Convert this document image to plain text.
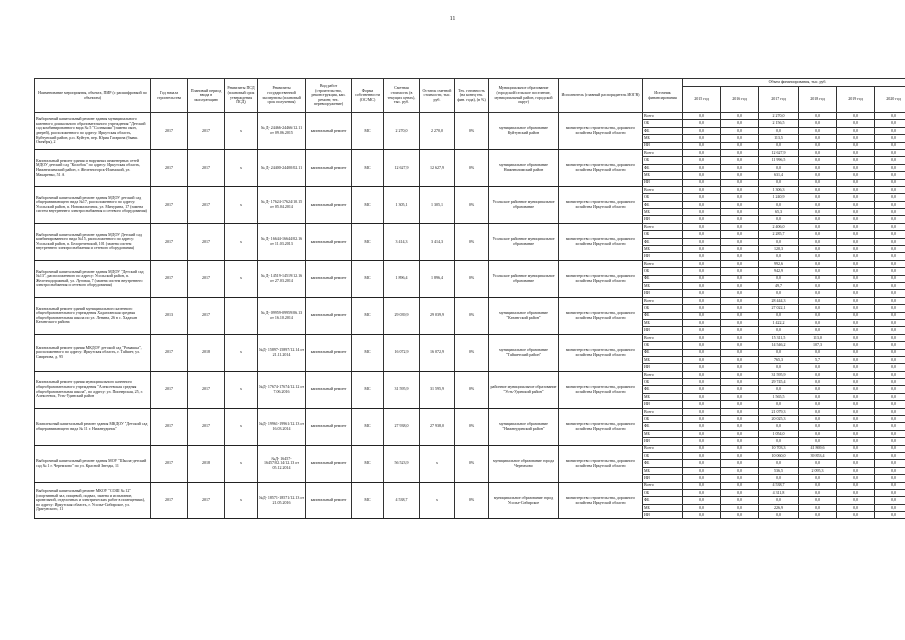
11
Наименование мероприятия, объекта, ПИР (с расшифровкой по объектам)	Год начала строительства	Плановый период ввода в эксплуатацию	Реквизиты ПСД (плановый срок утверждения ПСД)	Реквизиты государственной экспертизы (плановый срок получения)	Вид работ (строительство, реконструкция, кап. ремонт, тех. перевооружение)	Форма собственности (ОС/МС)	Сметная стоимость (в текущих ценах), тыс. руб.	Остаток сметной стоимости, тыс. руб.	Тех. готовность (на конец тек. фин. года), (в %)	Муниципальное образование (городской/сельское поселение, муниципальный район, городской округ)	Исполнитель (главный распорядитель ИОГВ)	Источник финансирования	Объем финансирования, тыс. руб.					
													2015 год	2016 год	2017 год	2018 год	2019 год	2020 год
Выборочный капитальный ремонт здания муниципального казенного дошкольного образовательного учреждения "Детский сад комбинированного вида № 5 "Солнышко"(замена окон, дверей), расположенного по адресу: Иркутская область, Куйтунский район, р.п. Куйтун, пер. Юрия Гагарина (бывш. Октября), 2	2017	2017	х	№ Д- 24466-24466/12.11 от 09.06.2015	капитальный ремонт	МС	2 270,0	2 270,0	0%	муниципальное образование Куйтунский район	министерство строительства, дорожного хозяйства Иркутской области	Всего	0,0	0,0	2 270,0	0,0	0,0	0,0
												ОБ	0,0	0,0	2 156,5	0,0	0,0	0,0
												ФБ	0,0	0,0	0,0	0,0	0,0	0,0
												МБ	0,0	0,0	113,5	0,0	0,0	0,0
												ИИ	0,0	0,0	0,0	0,0	0,0	0,0
Капитальный ремонт здания и наружных инженерных сетей МДОУ детский сад "Колобок" по адресу: Иркутская область, Нижнеилимский район, г. Железногорск-Илимский, ул. Макаренко, 51 А	2017	2017	х	№ Д- 24400-24400/02.11	капитальный ремонт	МС	12 627,9	12 627,9	0%	муниципальное образование Нижнеилимский район	министерство строительства, дорожного хозяйства Иркутской области	Всего	0,0	0,0	12 627,9	0,0	0,0	0,0
												ОБ	0,0	0,0	11 996,5	0,0	0,0	0,0
												ФБ	0,0	0,0	0,0	0,0	0,0	0,0
												МБ	0,0	0,0	631,4	0,0	0,0	0,0
												ИИ	0,0	0,0	0,0	0,0	0,0	0,0
Выборочный капитальный ремонт здания МДОУ детский сад общеразвивающего вида №17, расположенного по адресу: Усольский район, п. Новомальтинск, ул. Мичурина, 17 (замена систем внутреннего электроснабжения и сетевого оборудования)	2017	2017	х	№ Д- 17624-17624/10.15 от 05.04.2014	капитальный ремонт	МС	1 305,1	1 305,1	0%	Усольское районное муниципальное образование	министерство строительства, дорожного хозяйства Иркутской области	Всего	0,0	0,0	1 306,3	0,0	0,0	0,0
												ОБ	0,0	0,0	1 240,9	0,0	0,0	0,0
												ФБ	0,0	0,0	0,0	0,0	0,0	0,0
												МБ	0,0	0,0	65,3	0,0	0,0	0,0
												ИИ	0,0	0,0	0,0	0,0	0,0	0,0
Выборочный капитальный ремонт здания МДОУ Детский сад комбинированного вида №15, расположенного по адресу: Усольский район, п. Белореченский, 101 (замена систем внутреннего электроснабжения и сетевого оборудования)	2017	2017	х	№ Д- 16644-16644/02.16 от 11.03.2013	капитальный ремонт	МС	3 414,3	3 414,3	0%	Усольское районное муниципальное образование	министерство строительства, дорожного хозяйства Иркутской области	Всего	0,0	0,0	2 406,0	0,0	0,0	0,0
												ОБ	0,0	0,0	2 285,7	0,0	0,0	0,0
												ФБ	0,0	0,0	0,0	0,0	0,0	0,0
												МБ	0,0	0,0	120,3	0,0	0,0	0,0
												ИИ	0,0	0,0	0,0	0,0	0,0	0,0
Выборочный капитальный ремонт здания МДОУ "Детский сад №13", расположенного по адресу: Усольский район, п. Железнодорожный, ул. Луговая, 7 (замена систем внутреннего электроснабжения и сетевого оборудования)	2017	2017	х	№ Д- 14519-14519/12.16 от 27.03.2014	капитальный ремонт	МС	1 896,4	1 896,4	0%	Усольское районное муниципальное образование	министерство строительства, дорожного хозяйства Иркутской области	Всего	0,0	0,0	992,6	0,0	0,0	0,0
												ОБ	0,0	0,0	942,9	0,0	0,0	0,0
												ФБ	0,0	0,0	0,0	0,0	0,0	0,0
												МБ	0,0	0,0	49,7	0,0	0,0	0,0
												ИИ	0,0	0,0	0,0	0,0	0,0	0,0
Капитальный ремонт зданий муниципального казенного общеобразовательного учреждения Хадахтанская средняя общеобразовательная школа по ул. Ленина, 26 в с. Хадахан Катангского района	2013	2017		№ Д- 09959-09959/06.13 от 16.10.2014	капитальный ремонт	МС	29 039,9	29 039,9	0%	муниципальное образование "Катангский район"	министерство строительства, дорожного хозяйства Иркутской области	Всего	0,0	0,0	28 444,3	0,0	0,0	0,0
												ОБ	0,0	0,0	27 022,1	0,0	0,0	0,0
												ФБ	0,0	0,0	0,0	0,0	0,0	0,0
												МБ	0,0	0,0	1 422,2	0,0	0,0	0,0
												ИИ	0,0	0,0	0,0	0,0	0,0	0,0
Капитальный ремонт здания МКДОУ детский сад "Ромашка", расположенного по адресу: Иркутская область, г. Тайшет, ул. Смирнова, д. 95	2017	2018	х	№Д- 15897-15897/12.14 от 21.11.2014	капитальный ремонт	МС	16 072,9	16 072,9	0%	муниципальное образование "Тайшетский район"	министерство строительства, дорожного хозяйства Иркутской области	Всего	0,0	0,0	15 311,5	113,0	0,0	0,0
												ОБ	0,0	0,0	14 546,2	107,3	0,0	0,0
												ФБ	0,0	0,0	0,0	0,0	0,0	0,0
												МБ	0,0	0,0	765,3	5,7	0,0	0,0
												ИИ	0,0	0,0	0,0	0,0	0,0	0,0
Капитальный ремонт здания муниципального казенного общеобразовательного учреждения "Алексеевская средняя общеобразовательная школа", по адресу: ул. Пионерская, 25, г. Алексеевск, Усть-Удинский район	2017	2017	х	№Д- 17674-17674/12.12 от 7.06.2016	капитальный ремонт	МС	31 595,9	31 595,9	0%	районное муниципальное образование "Усть-Удинский район"	министерство строительства, дорожного хозяйства Иркутской области	Всего	0,0	0,0	31 595,9	0,0	0,0	0,0
												ОБ	0,0	0,0	29 745,4	0,0	0,0	0,0
												ФБ	0,0	0,0	0,0	0,0	0,0	0,0
												МБ	0,0	0,0	1 565,5	0,0	0,0	0,0
												ИИ	0,0	0,0	0,0	0,0	0,0	0,0
Комплексный капитальный ремонт здания МКДОУ "Детский сад общеразвивающего вида № 11 г. Нижнеудинск"	2017	2017	х	№Д- 19961-19961/12.13 от 16.03.2014	капитальный ремонт	МС	27 938,0	27 938,0	0%	муниципальное образование "Нижнеудинский район"	министерство строительства, дорожного хозяйства Иркутской области	Всего	0,0	0,0	21 079,3	0,0	0,0	0,0
												ОБ	0,0	0,0	20 025,3	0,0	0,0	0,0
												ФБ	0,0	0,0	0,0	0,0	0,0	0,0
												МБ	0,0	0,0	1 054,0	0,0	0,0	0,0
												ИИ	0,0	0,0	0,0	0,0	0,0	0,0
Выборочный капитальный ремонт здания МОУ "Школа-детский сад № 1 г. Черемхово" по ул. Красной Звезды, 11	2017	2018	х	№Д- 16457-16457/02.14/12.13 от 05.12.2014	капитальный ремонт	МС	56 523,9	х	0%	муниципальное образование города Черемхово	министерство строительства, дорожного хозяйства Иркутской области	Всего	0,0	0,0	10 703,3	41 869,6	0,0	0,0
												ОБ	0,0	0,0	10 060,0	39 853,4	0,0	0,0
												ФБ	0,0	0,0	0,0	0,0	0,0	0,0
												МБ	0,0	0,0	536,5	2 095,3	0,0	0,0
												ИИ	0,0	0,0	0,0	0,0	0,0	0,0
Выборочный капитальный ремонт МКОУ "СОШ № 12" (спортивный зал, пищевой, подвал, замена и испытание, кровельной, отделочных и электрических работ в помещениях), по адресу: Иркутская область, г. Усолье-Сибирское, ул. Драгунского, 11	2017	2017	х	№Д- 18571-18571/12.13 от 21.05.2016	капитальный ремонт	МС	4 538,7	х	0%	муниципальное образование город Усолье-Сибирское	министерство строительства, дорожного хозяйства Иркутской области	Всего	0,0	0,0	4 538,7	0,0	0,0	0,0
												ОБ	0,0	0,0	4 311,8	0,0	0,0	0,0
												ФБ	0,0	0,0	0,0	0,0	0,0	0,0
												МБ	0,0	0,0	226,9	0,0	0,0	0,0
												ИИ	0,0	0,0	0,0	0,0	0,0	0,0
